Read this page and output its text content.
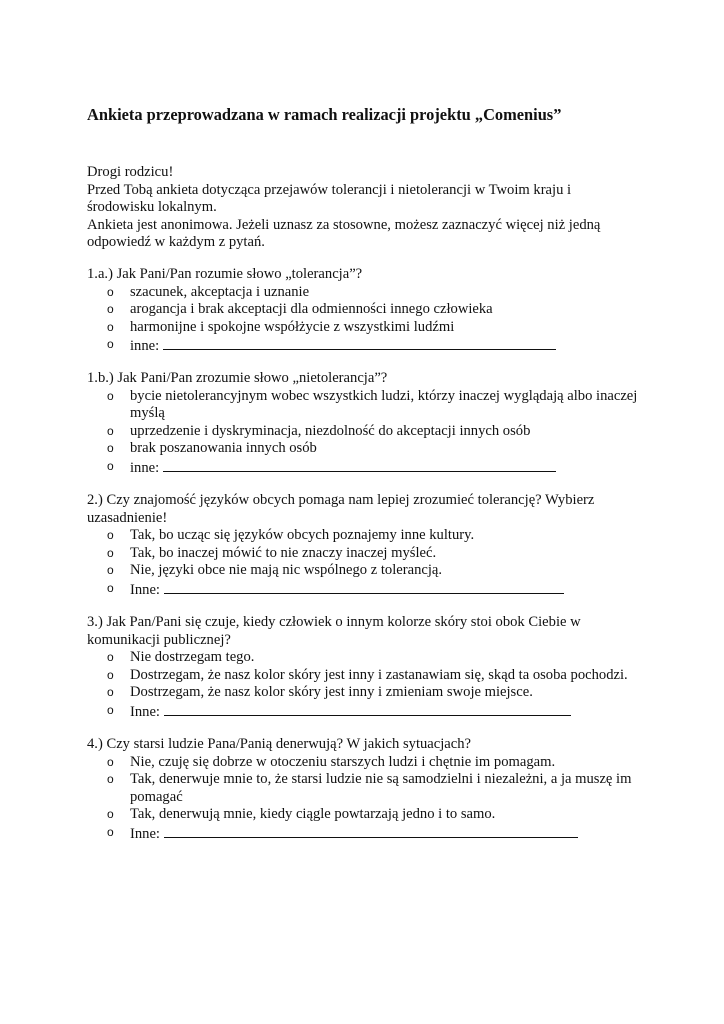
Ankieta przeprowadzana w ramach realizacji projektu „Comenius”

Drogi rodzicu!

Przed Tobą ankieta dotycząca przejawów tolerancji i nietolerancji w Twoim kraju i

środowisku lokalnym.

Ankieta jest anonimowa. Jeżeli uznasz za stosowne, możesz zaznaczyć więcej niż jedną

odpowiedź w każdym z pytań.

1.a.) Jak Pani/Pan rozumie słowo „tolerancja”?

o	szacunek, akceptacja i uznanie
o	arogancja i brak akceptacji dla odmienności innego człowieka
o	harmonijne i spokojne współżycie z wszystkimi ludźmi
o	inne:

1.b.) Jak Pani/Pan zrozumie słowo „nietolerancja”?

o	bycie nietolerancyjnym wobec wszystkich ludzi, którzy inaczej wyglądają albo inaczej myślą
o	uprzedzenie i dyskryminacja, niezdolność do akceptacji innych osób
o	brak poszanowania innych osób
o	inne:

2.) Czy znajomość języków obcych pomaga nam lepiej zrozumieć tolerancję? Wybierz uzasadnienie!

o	Tak, bo ucząc się języków obcych poznajemy inne kultury.
o	Tak, bo inaczej mówić to nie znaczy inaczej myśleć.
o	Nie, języki obce nie mają nic wspólnego z tolerancją.
o	Inne:

3.) Jak Pan/Pani się czuje, kiedy człowiek o innym kolorze skóry stoi obok Ciebie w komunikacji publicznej?

o	Nie dostrzegam tego.
o	Dostrzegam, że nasz kolor skóry jest inny i zastanawiam się, skąd ta osoba pochodzi.
o	Dostrzegam, że nasz kolor skóry jest inny i zmieniam swoje miejsce.
o	Inne:

4.) Czy starsi ludzie Pana/Panią denerwują? W jakich sytuacjach?

o	Nie, czuję się dobrze w otoczeniu starszych ludzi i chętnie im pomagam.
o	Tak, denerwuje mnie to, że starsi ludzie nie są samodzielni i niezależni, a ja muszę im pomagać
o	Tak, denerwują mnie, kiedy ciągle powtarzają jedno i to samo.
o	Inne:
